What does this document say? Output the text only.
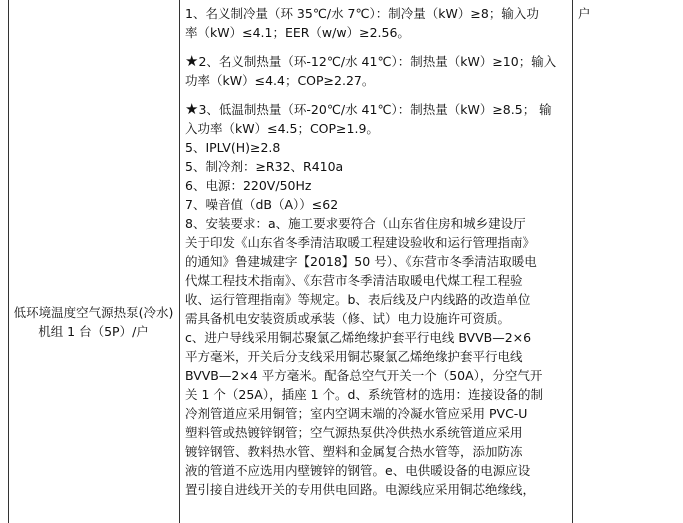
低环境温度空气源热泵(冷水)机组 1 台（5P）/户
1、名义制冷量（环 35℃/水 7℃）：制冷量（kW）≥8；输入功
率（kW）≤4.1；EER（w/w）≥2.56。
★2、名义制热量（环-12℃/水 41℃）：制热量（kW）≥10；输入
功率（kW）≤4.4；COP≥2.27。
★3、低温制热量（环-20℃/水 41℃）：制热量（kW）≥8.5； 输
入功率（kW）≤4.5；COP≥1.9。
5、IPLV(H)≥2.8
5、制冷剂：≥R32、R410a
6、电源：220V/50Hz
7、噪音值（dB（A））≤62
8、安装要求：a、施工要求要符合（山东省住房和城乡建设厅
关于印发《山东省冬季清洁取暖工程建设验收和运行管理指南》
的通知》鲁建城建字【2018】50 号）、《东营市冬季清洁取暖电
代煤工程技术指南》、《东营市冬季清洁取暖电代煤工程工程验
收、运行管理指南》等规定。b、表后线及户内线路的改造单位
需具备机电安装资质或承装（修、试）电力设施许可资质。
c、进户导线采用铜芯聚氯乙烯绝缘护套平行电线 BVVB—2×6
平方毫米，开关后分支线采用铜芯聚氯乙烯绝缘护套平行电线
BVVB—2×4 平方毫米。配备总空气开关一个（50A），分空气开
关 1 个（25A），插座 1 个。d、系统管材的选用：连接设备的制
冷剂管道应采用铜管；室内空调末端的冷凝水管应采用 PVC-U
塑料管或热镀锌钢管；空气源热泵供冷供热水系统管道应采用
镀锌钢管、教料热水管、塑料和金属复合热水管等，添加防冻
液的管道不应选用内壁镀锌的钢管。e、电供暖设备的电源应设
置引接自进线开关的专用供电回路。电源线应采用铜芯绝缘线，
户
